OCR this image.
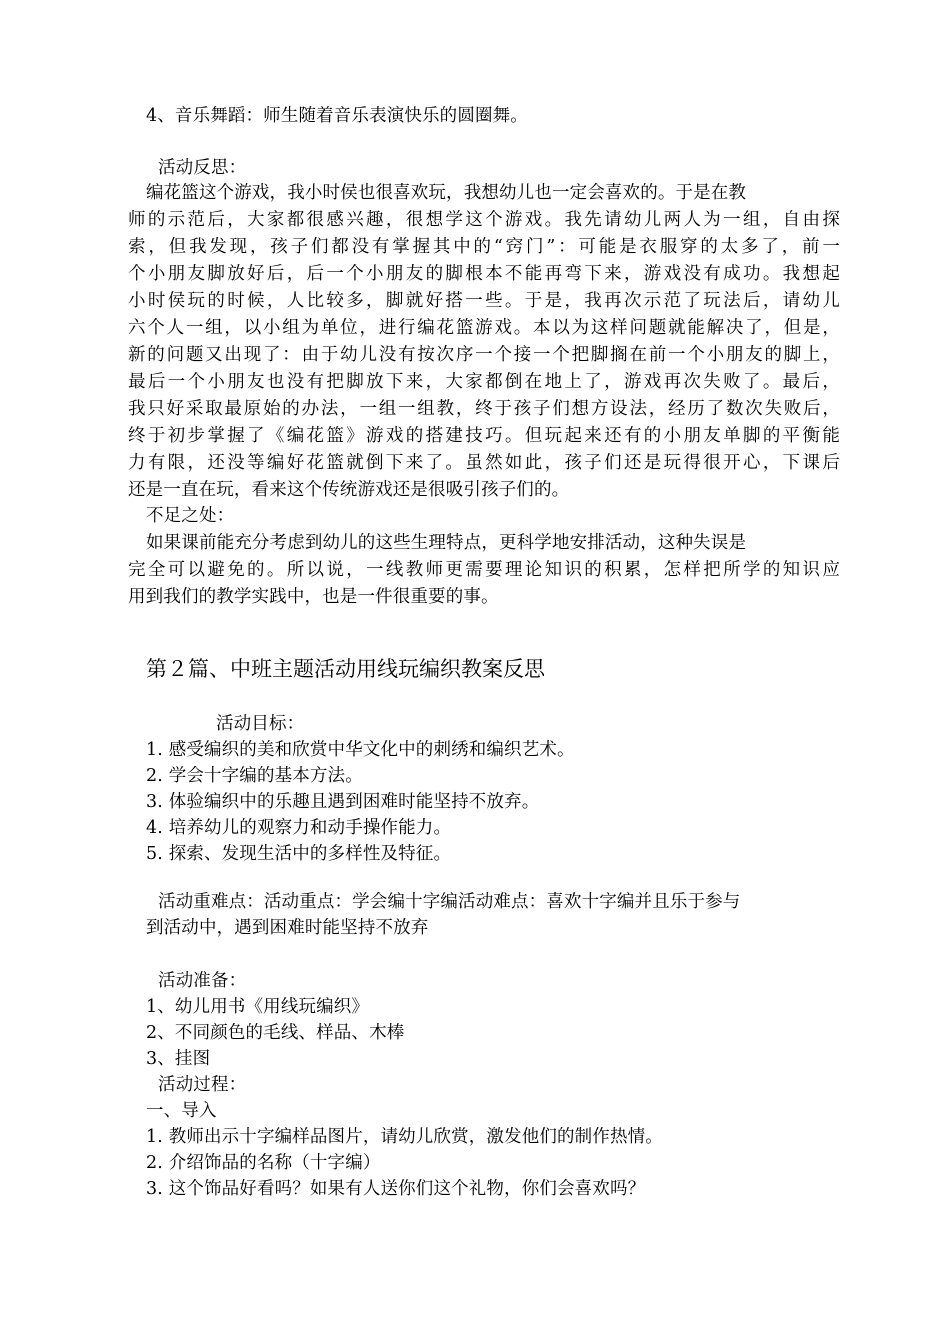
4、音乐舞蹈：师生随着音乐表演快乐的圆圈舞。
活动反思：
编花篮这个游戏，我小时侯也很喜欢玩，我想幼儿也一定会喜欢的。于是在教
师的示范后，大家都很感兴趣，很想学这个游戏。我先请幼儿两人为一组，自由探
索，但我发现，孩子们都没有掌握其中的“窍门”：可能是衣服穿的太多了，前一
个小朋友脚放好后，后一个小朋友的脚根本不能再弯下来，游戏没有成功。我想起
小时侯玩的时候，人比较多，脚就好搭一些。于是，我再次示范了玩法后，请幼儿
六个人一组，以小组为单位，进行编花篮游戏。本以为这样问题就能解决了，但是，
新的问题又出现了：由于幼儿没有按次序一个接一个把脚搁在前一个小朋友的脚上，
最后一个小朋友也没有把脚放下来，大家都倒在地上了，游戏再次失败了。最后，
我只好采取最原始的办法，一组一组教，终于孩子们想方设法，经历了数次失败后，
终于初步掌握了《编花篮》游戏的搭建技巧。但玩起来还有的小朋友单脚的平衡能
力有限，还没等编好花篮就倒下来了。虽然如此，孩子们还是玩得很开心，下课后
还是一直在玩，看来这个传统游戏还是很吸引孩子们的。
不足之处：
如果课前能充分考虑到幼儿的这些生理特点，更科学地安排活动，这种失误是
完全可以避免的。所以说，一线教师更需要理论知识的积累，怎样把所学的知识应
用到我们的教学实践中，也是一件很重要的事。
第２篇、中班主题活动用线玩编织教案反思
活动目标：
1. 感受编织的美和欣赏中华文化中的刺绣和编织艺术。
2. 学会十字编的基本方法。
3. 体验编织中的乐趣且遇到困难时能坚持不放弃。
4. 培养幼儿的观察力和动手操作能力。
5. 探索、发现生活中的多样性及特征。
活动重难点：活动重点：学会编十字编活动难点：喜欢十字编并且乐于参与
到活动中，遇到困难时能坚持不放弃
活动准备：
1、幼儿用书《用线玩编织》
2、不同颜色的毛线、样品、木棒
3、挂图
活动过程：
一、导入
1. 教师出示十字编样品图片，请幼儿欣赏，激发他们的制作热情。
2. 介绍饰品的名称（十字编）
3. 这个饰品好看吗？如果有人送你们这个礼物，你们会喜欢吗？
